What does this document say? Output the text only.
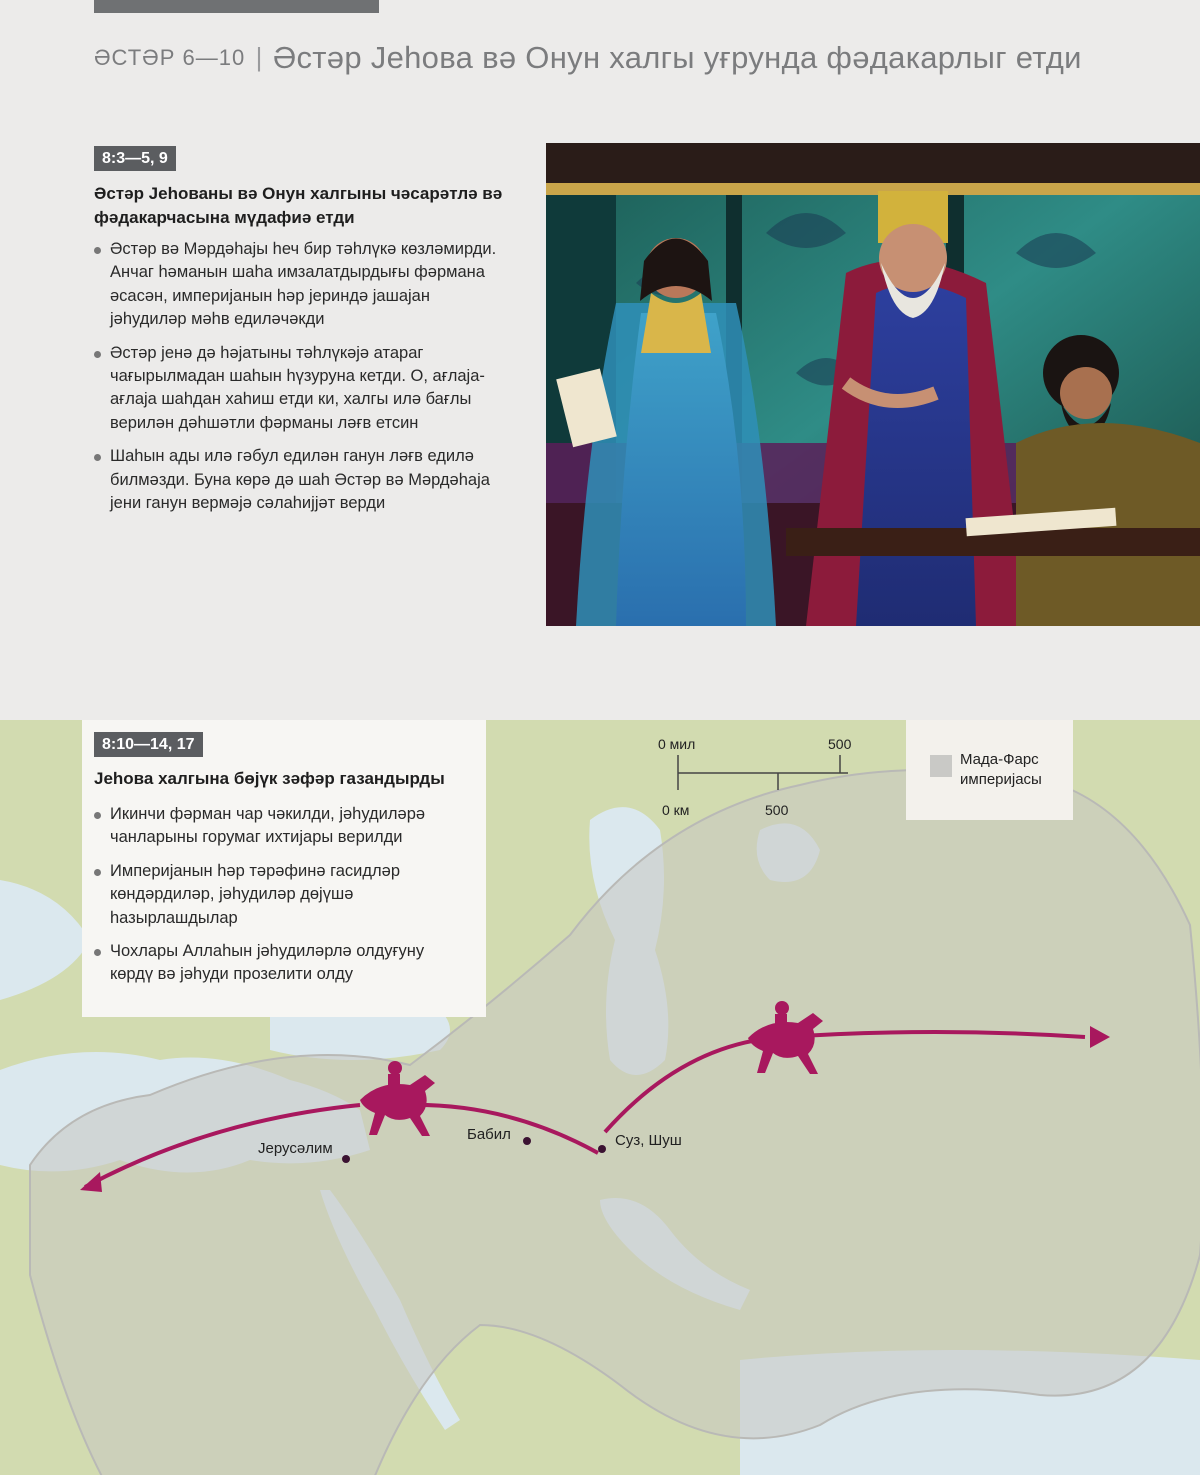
ӘСТӘР 6—10 | Әстәр Јеһова вә Онун халгы уғрунда фәдакарлыг етди
8:3—5, 9
Әстәр Јеһованы вә Онун халгыны чәсарәтлә вә фәдакарчасына мүдафиә етди
Әстәр вә Мәрдәһајы һеч бир тәһлүкә көзләмирди. Анчаг һәманын шаһа имзалатдырдығы фәрмана әсасән, империјанын һәр јериндә јашајан јәһудиләр мәһв едиләчәкди
Әстәр јенә дә һәјатыны тәһлүкәјә атараг чағырылмадан шаһын һүзуруна кетди. О, ағлаја-ағлаја шаһдан хаһиш етди ки, халгы илә бағлы верилән дәһшәтли фәрманы ләғв етсин
Шаһын ады илә гәбул едилән ганун ләғв едилә билмәзди. Буна көрә дә шаһ Әстәр вә Мәрдәһаја јени ганун вермәјә сәлаһијјәт верди
0 мил	500
0 км	500
Мада-Фарс империјасы
Јерусәлим
Бабил	Суз, Шуш
8:10—14, 17
Јеһова халгына бөјүк зәфәр газандырды
Икинчи фәрман чар чәкилди, јәһудиләрә чанларыны горумаг ихтијары верилди
Империјанын һәр тәрәфинә гасидләр көндәрдиләр, јәһудиләр дөјүшә һазырлашдылар
Чохлары Аллаһын јәһудиләрлә олдуғуну көрдү вә јәһуди прозелити олду
